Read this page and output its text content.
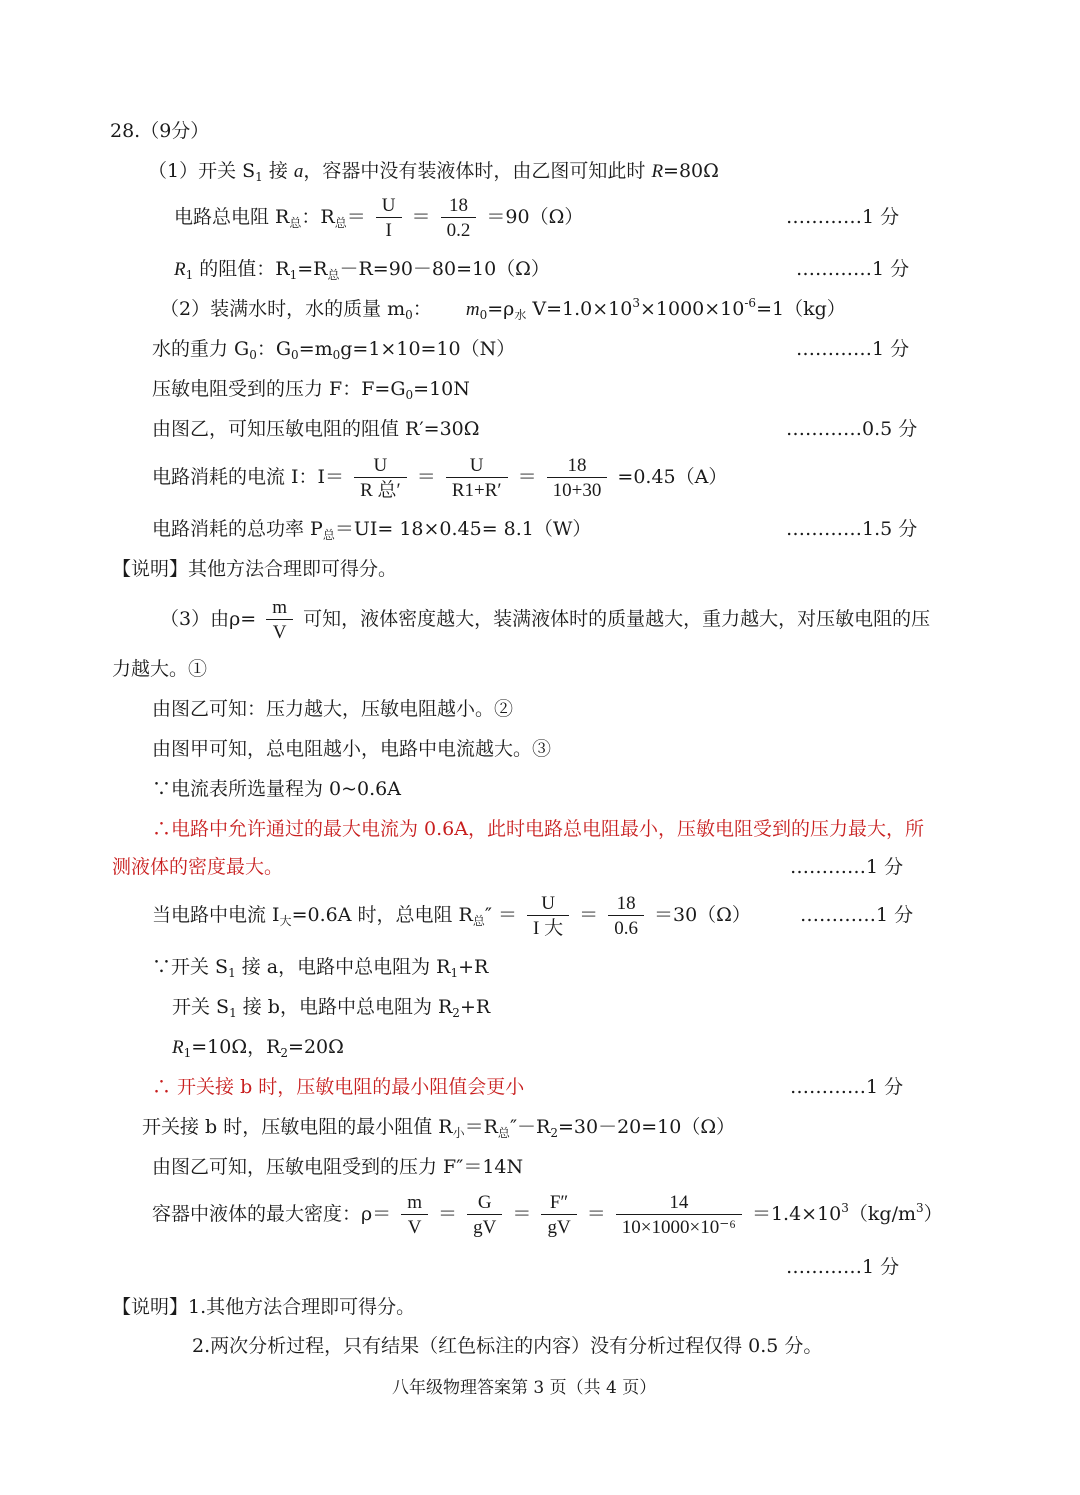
28.（9分）
（1）开关 $S_1$ 接 a，容器中没有装液体时，由乙图可知此时 R=80Ω
电路总电阻 $R_总$：$R_总= \frac{U}{I} = \frac{18}{0.2} =90(\Omega)$	…………1 分
$R_1$ 的阻值：$R_1=R_总-R=90-80=10(\Omega)$	…………1 分
（2）装满水时，水的质量 $m_0$： $m_0=\rho_水$ $V=1.0\times 10^3\times 1000\times 10^{-6}=1(kg)$
水的重力 $G_0$：$G_0=m_0g=1\times 10=10(N)$	…………1 分
压敏电阻受到的压力 F：$F=G_0=10N$
由图乙，可知压敏电阻的阻值 R′=30Ω	…………0.5 分
电路消耗的电流 I：$I= \frac{U}{\text{R 总′}} = \frac{U}{R1+R'} = \frac{18}{10+30} =0.45(A)$
电路消耗的总功率 $P_总=UI= 18\times 0.45= 8.1(W)$	…………1.5 分
【说明】其他方法合理即可得分。
（3）由$\rho= \frac{m}{V}$ 可知，液体密度越大，装满液体时的质量越大，重力越大，对压敏电阻的压
力越大。①
由图乙可知：压力越大，压敏电阻越小。②
由图甲可知，总电阻越小，电路中电流越大。③
∵电流表所选量程为 0~0.6A
∴电路中允许通过的最大电流为 0.6A，此时电路总电阻最小，压敏电阻受到的压力最大，所
测液体的密度最大。	…………1 分
当电路中电流 $I_大=0.6A$ 时，总电阻 $R_总'' = \frac{U}{\text{I 大}} = \frac{18}{0.6} =30(\Omega)$	…………1 分
∵开关 $S_1$ 接 a，电路中总电阻为 $R_1+R$
开关 $S_1$ 接 b，电路中总电阻为 $R_2+R$
$R_1=10\Omega$，$R_2=20\Omega$
∴ 开关接 b 时，压敏电阻的最小阻值会更小	…………1 分
开关接 b 时，压敏电阻的最小阻值 $R_小=R_总''-R_2=30-20=10(\Omega)$
由图乙可知，压敏电阻受到的压力 F″＝14N
容器中液体的最大密度：$\rho= \frac{m}{V} = \frac{G}{gV} = \frac{F''}{gV} = \frac{14}{\text{10×1000×10⁻⁶}} =1.4\times 10^3(kg/m^3)$
…………1 分
【说明】1.其他方法合理即可得分。
2.两次分析过程，只有结果（红色标注的内容）没有分析过程仅得 0.5 分。
八年级物理答案第 3 页（共 4 页）
